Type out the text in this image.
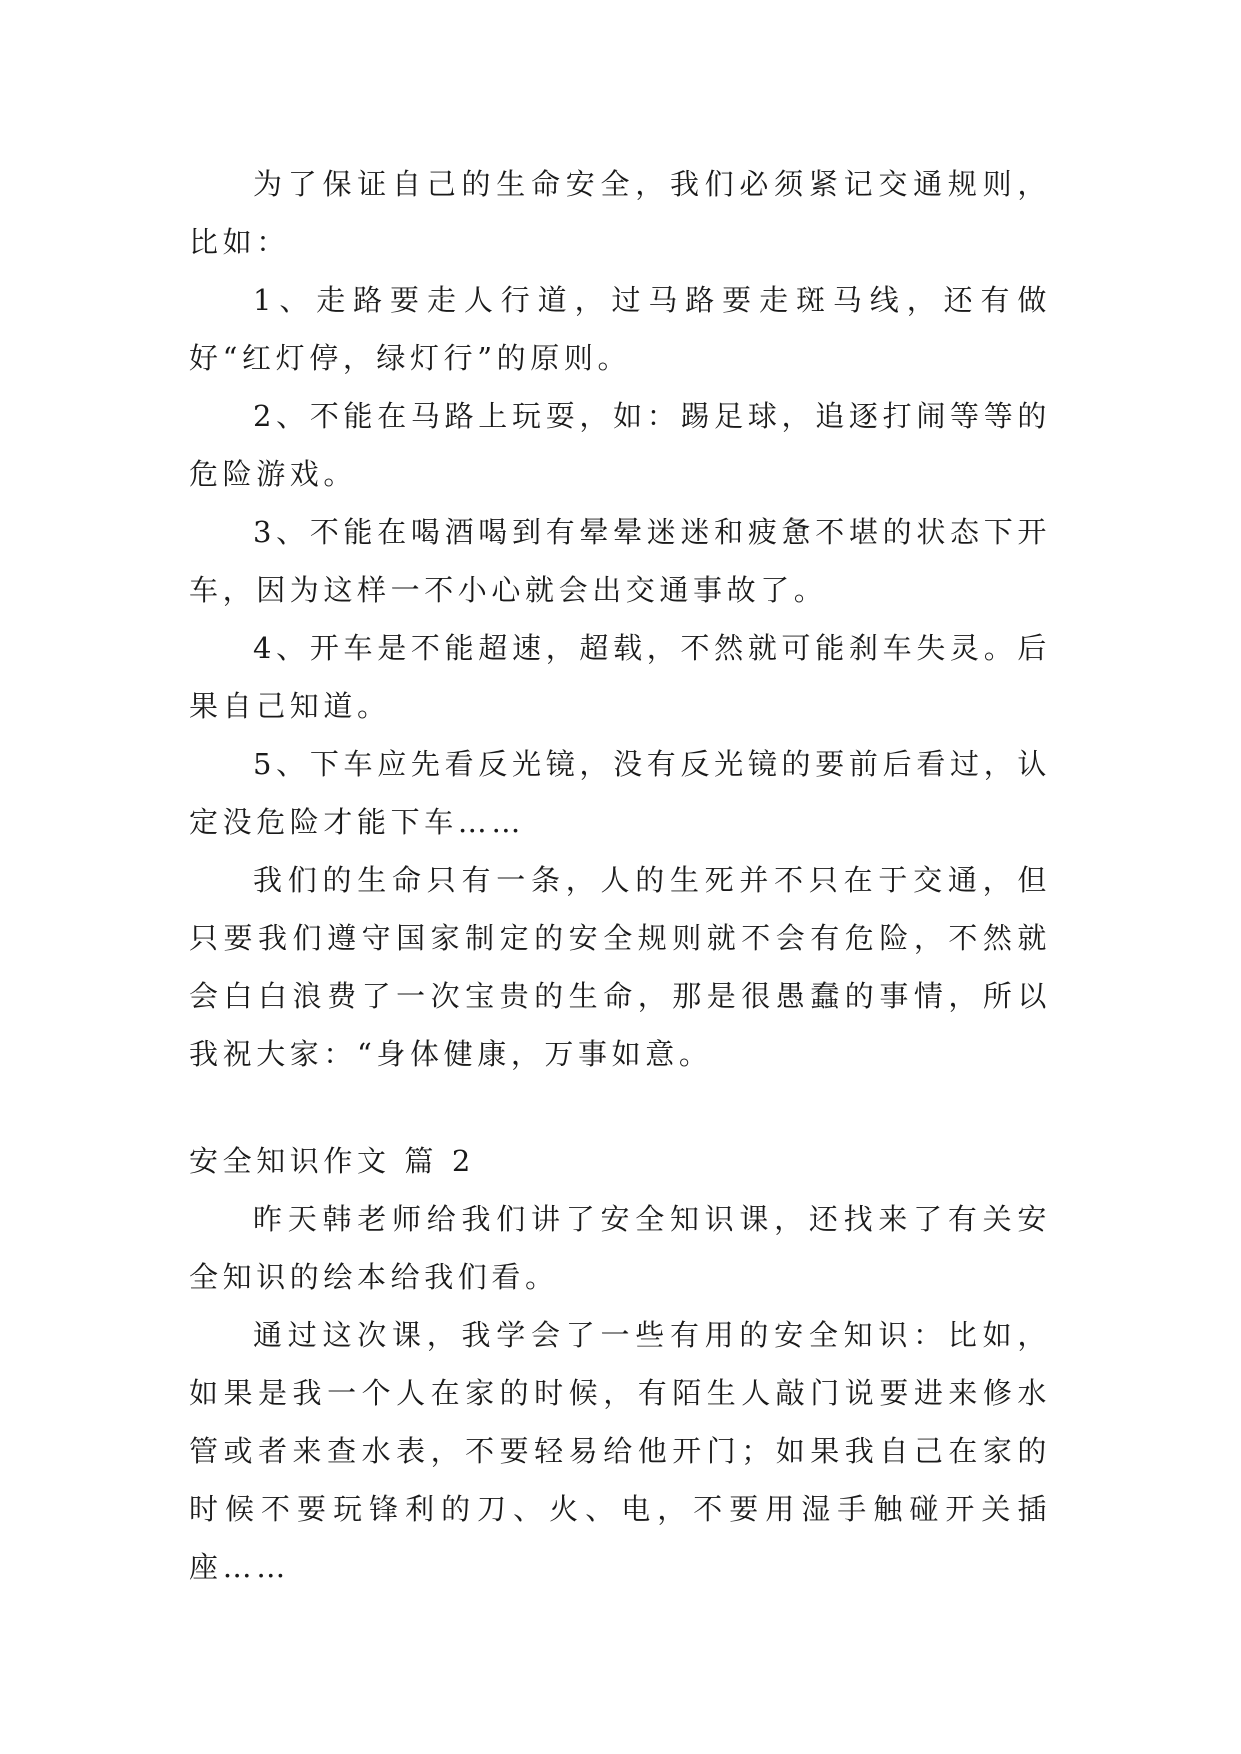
为了保证自己的生命安全，我们必须紧记交通规则，比如：

1、走路要走人行道，过马路要走斑马线，还有做好“红灯停，绿灯行”的原则。

2、不能在马路上玩耍，如：踢足球，追逐打闹等等的危险游戏。

3、不能在喝酒喝到有晕晕迷迷和疲惫不堪的状态下开车，因为这样一不小心就会出交通事故了。

4、开车是不能超速，超载，不然就可能刹车失灵。后果自己知道。

5、下车应先看反光镜，没有反光镜的要前后看过，认定没危险才能下车……

我们的生命只有一条，人的生死并不只在于交通，但只要我们遵守国家制定的安全规则就不会有危险，不然就会白白浪费了一次宝贵的生命，那是很愚蠢的事情，所以我祝大家：“身体健康，万事如意。

安全知识作文 篇 2

昨天韩老师给我们讲了安全知识课，还找来了有关安全知识的绘本给我们看。

通过这次课，我学会了一些有用的安全知识：比如，如果是我一个人在家的时候，有陌生人敲门说要进来修水管或者来查水表，不要轻易给他开门；如果我自己在家的时候不要玩锋利的刀、火、电，不要用湿手触碰开关插座……
